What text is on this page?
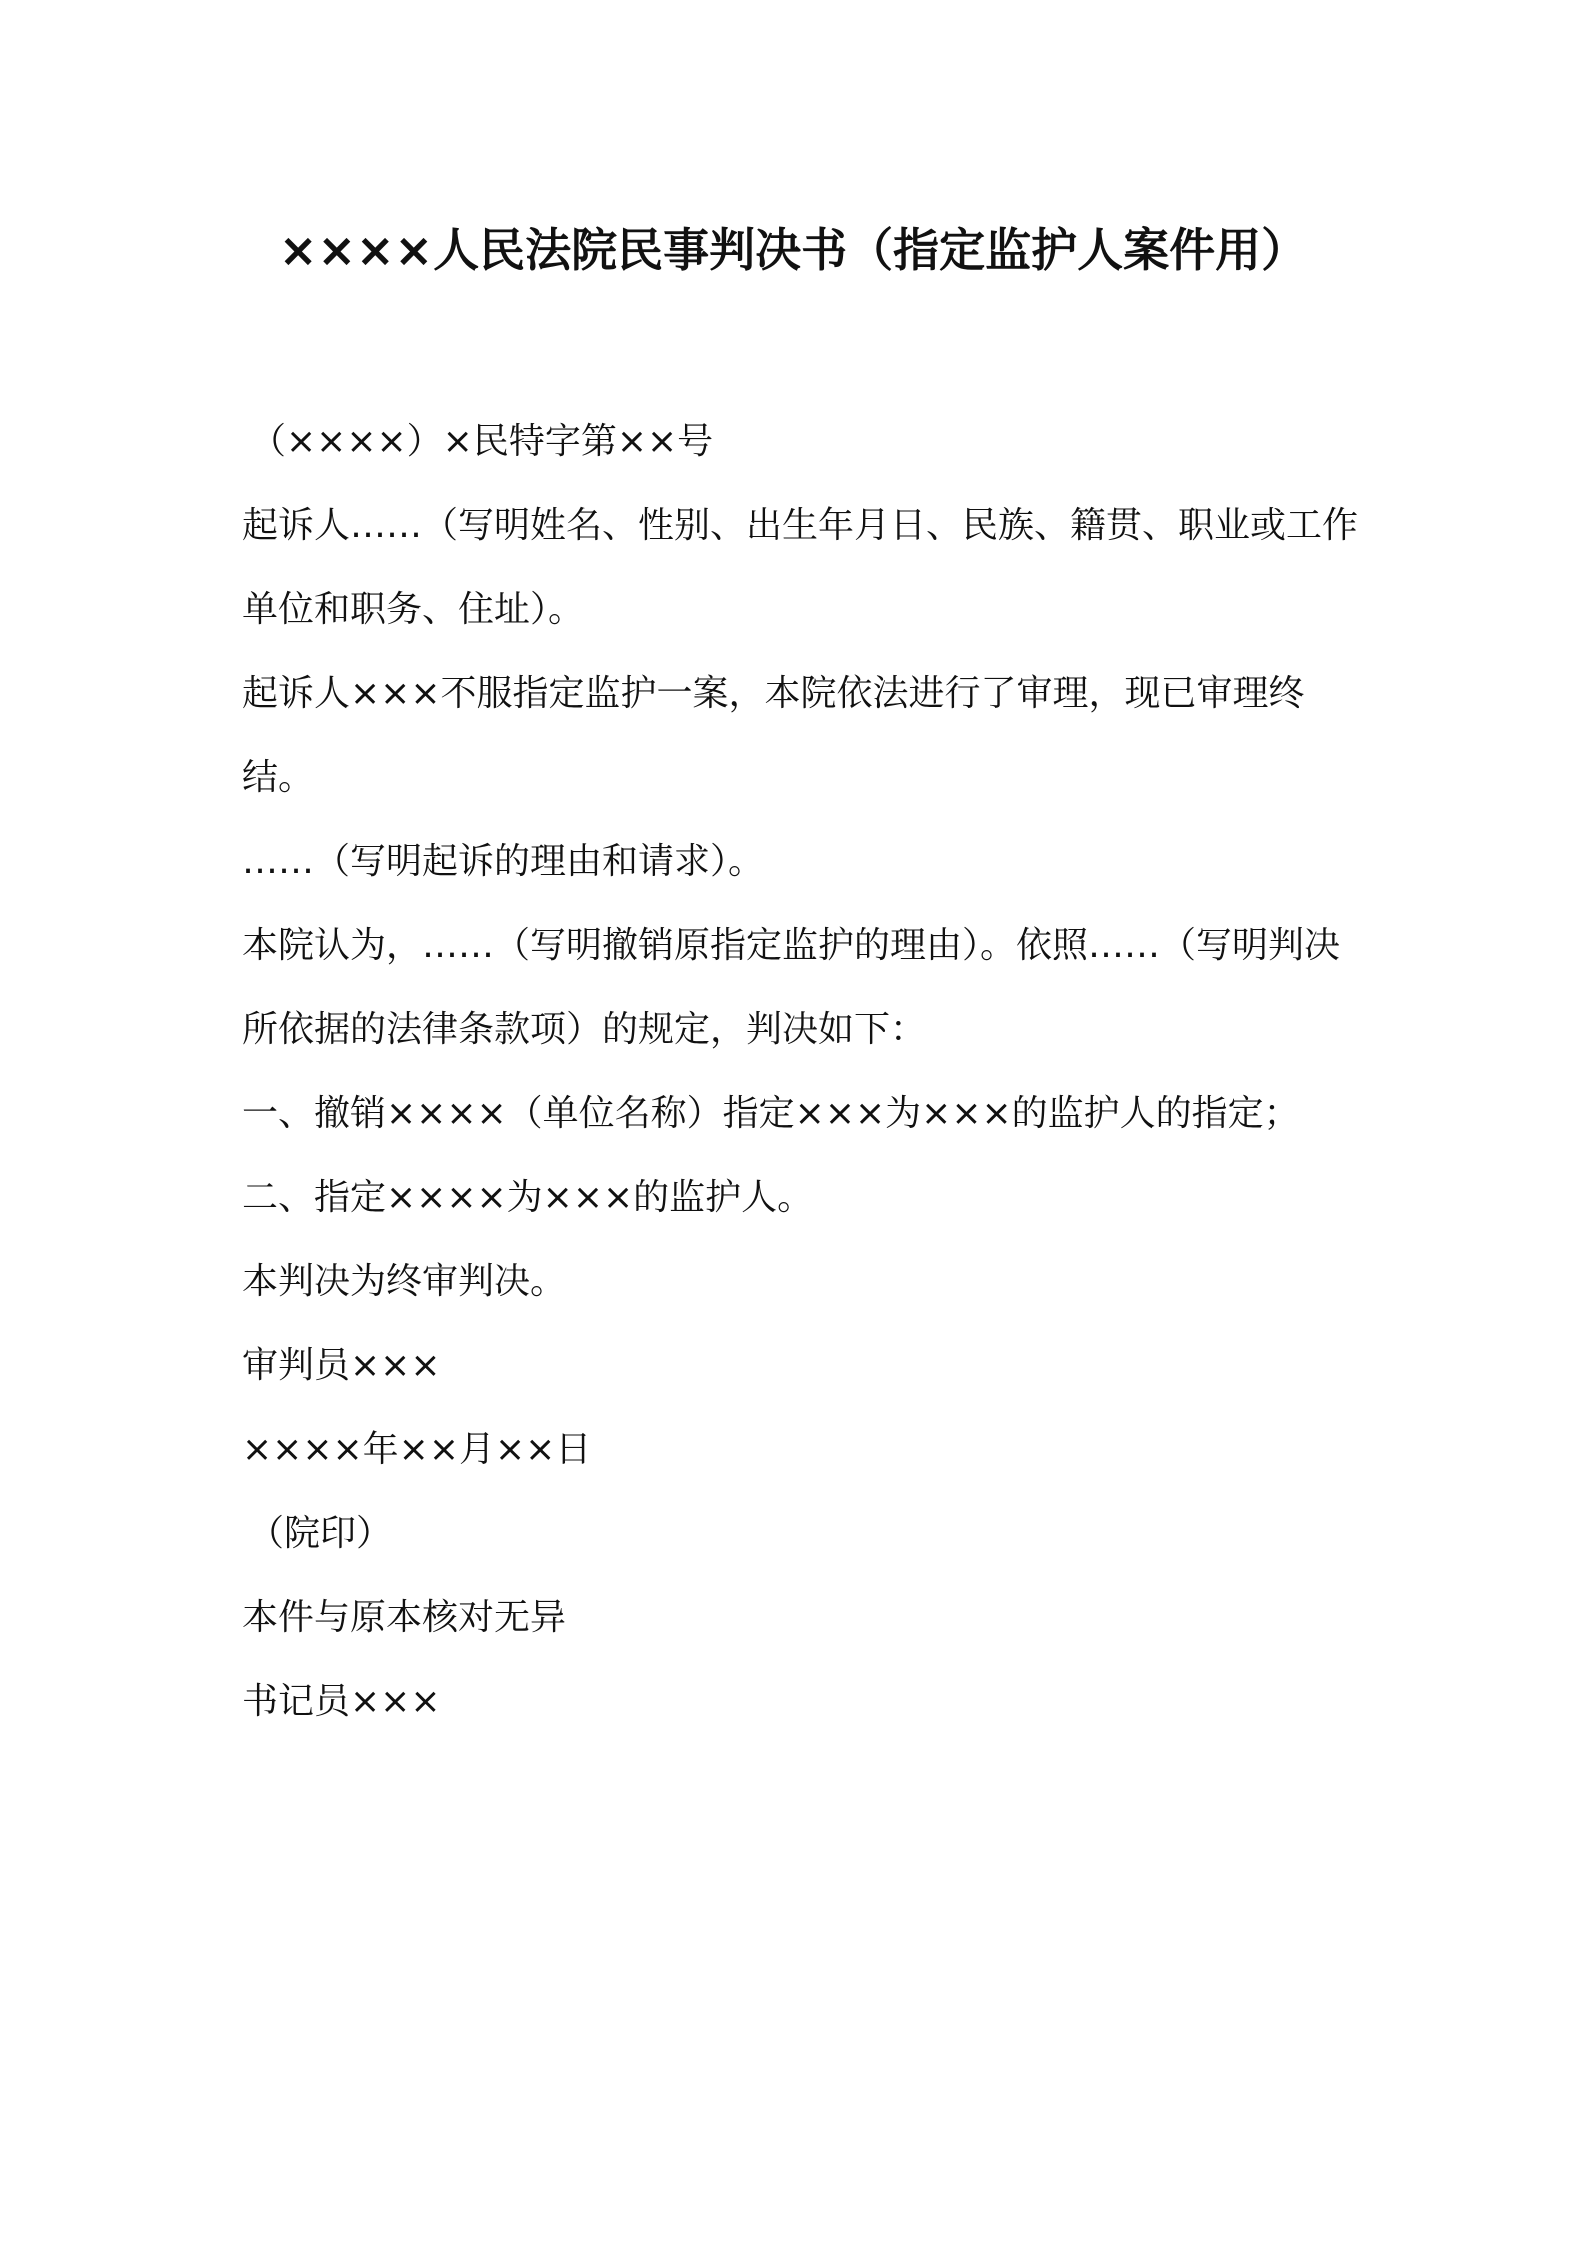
××××人民法院民事判决书（指定监护人案件用）

（××××）×民特字第××号

起诉人……（写明姓名、性别、出生年月日、民族、籍贯、职业或工作单位和职务、住址）。

起诉人×××不服指定监护一案，本院依法进行了审理，现已审理终结。

……（写明起诉的理由和请求）。

本院认为，……（写明撤销原指定监护的理由）。依照……（写明判决所依据的法律条款项）的规定，判决如下：

一、撤销××××（单位名称）指定×××为×××的监护人的指定；

二、指定××××为×××的监护人。

本判决为终审判决。

审判员×××

××××年××月××日

（院印）

本件与原本核对无异

书记员×××
